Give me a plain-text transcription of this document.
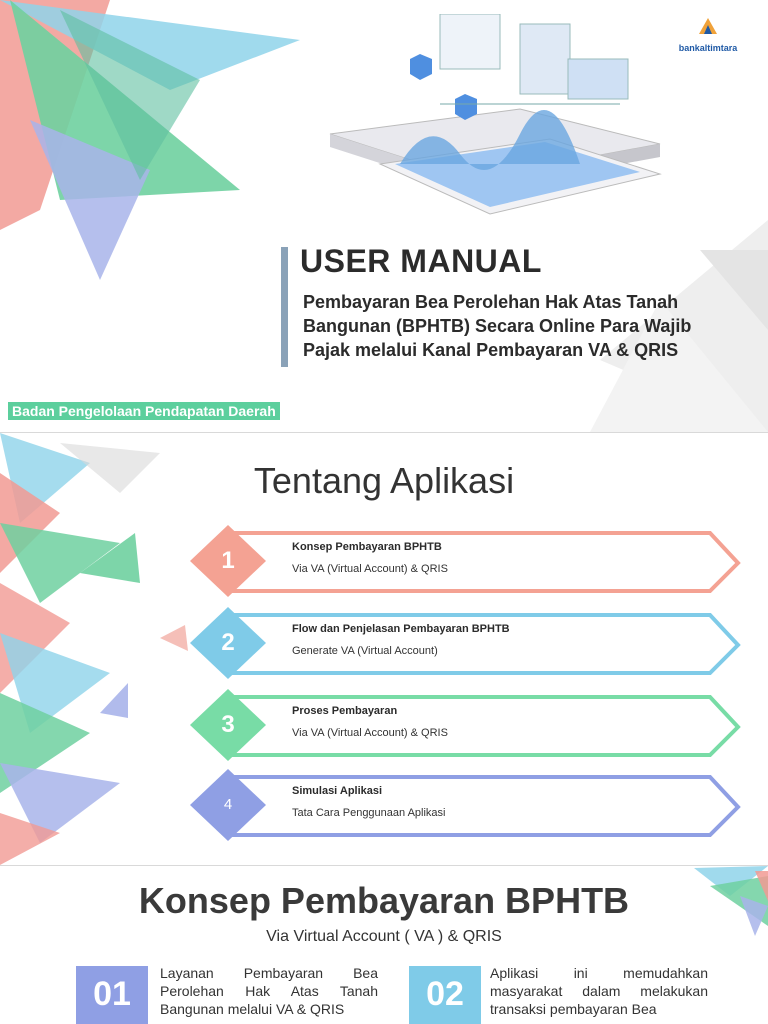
bankaltimtara
USER MANUAL
Pembayaran Bea Perolehan Hak Atas Tanah Bangunan (BPHTB) Secara Online Para Wajib Pajak melalui Kanal Pembayaran VA & QRIS
Badan Pengelolaan Pendapatan Daerah
Tentang Aplikasi
1	Konsep Pembayaran BPHTB
Via VA (Virtual Account) & QRIS
2	Flow dan Penjelasan Pembayaran BPHTB
Generate VA (Virtual Account)
3	Proses Pembayaran
Via VA (Virtual Account) & QRIS
4
Simulasi Aplikasi
Tata Cara Penggunaan Aplikasi
Konsep Pembayaran BPHTB
Via Virtual Account ( VA ) & QRIS
01
Layanan Pembayaran Bea Perolehan Hak Atas Tanah Bangunan melalui VA & QRIS	02
Aplikasi ini memudahkan masyarakat dalam melakukan transaksi pembayaran Bea
